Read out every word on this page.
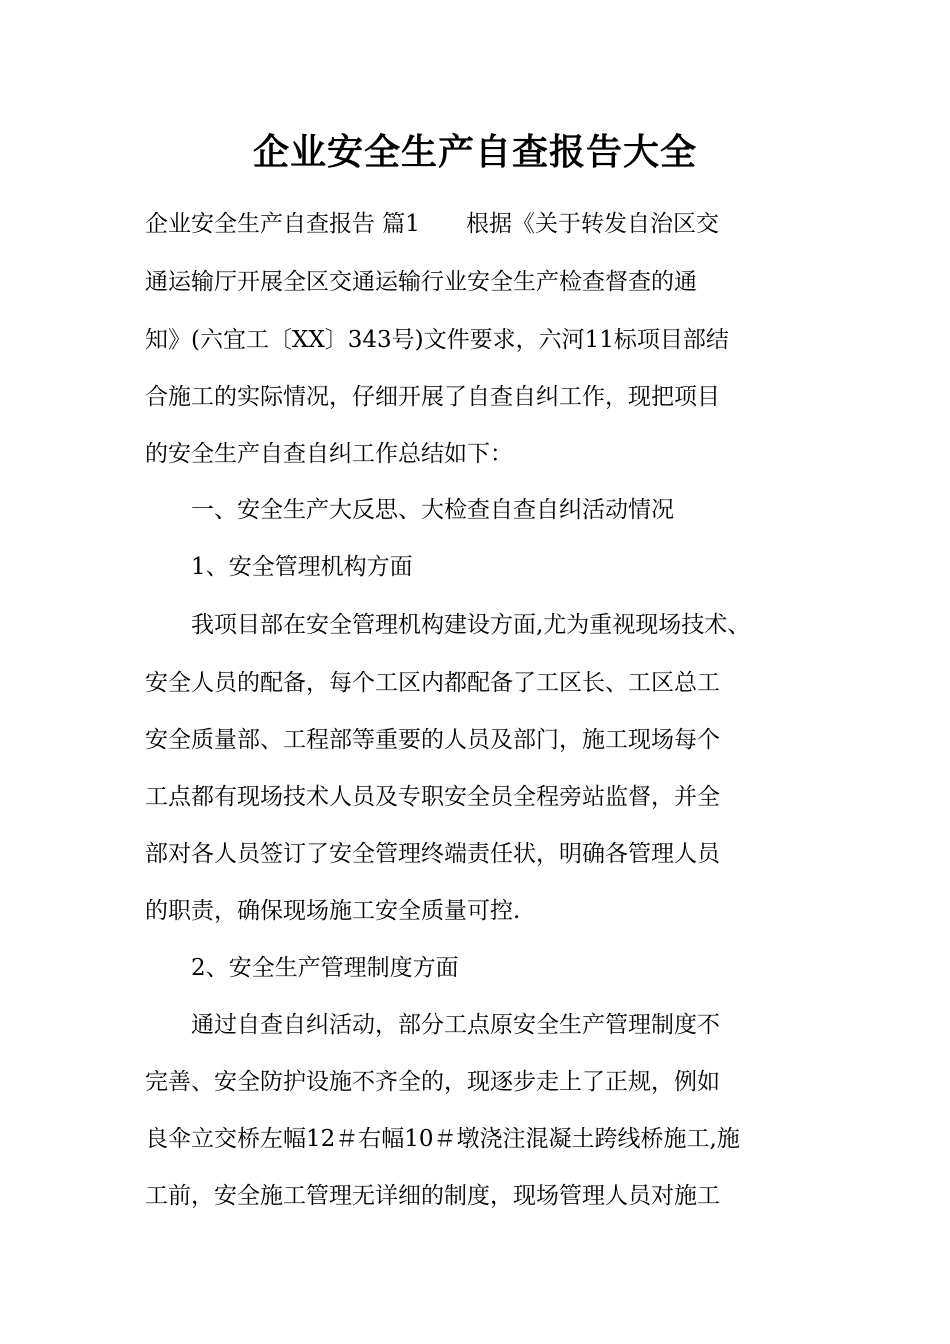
企业安全生产自查报告大全
企业安全生产自查报告 篇1　　根据《关于转发自治区交
通运输厅开展全区交通运输行业安全生产检查督查的通
知》(六宜工〔XX〕343号)文件要求，六河11标项目部结
合施工的实际情况，仔细开展了自查自纠工作，现把项目
的安全生产自查自纠工作总结如下：
　　一、安全生产大反思、大检查自查自纠活动情况
　　1、安全管理机构方面
　　我项目部在安全管理机构建设方面,尤为重视现场技术、
安全人员的配备，每个工区内都配备了工区长、工区总工
安全质量部、工程部等重要的人员及部门，施工现场每个
工点都有现场技术人员及专职安全员全程旁站监督，并全
部对各人员签订了安全管理终端责任状，明确各管理人员
的职责，确保现场施工安全质量可控.
　　2、安全生产管理制度方面
　　通过自查自纠活动，部分工点原安全生产管理制度不
完善、安全防护设施不齐全的，现逐步走上了正规，例如
良伞立交桥左幅12＃右幅10＃墩浇注混凝土跨线桥施工,施
工前，安全施工管理无详细的制度，现场管理人员对施工
